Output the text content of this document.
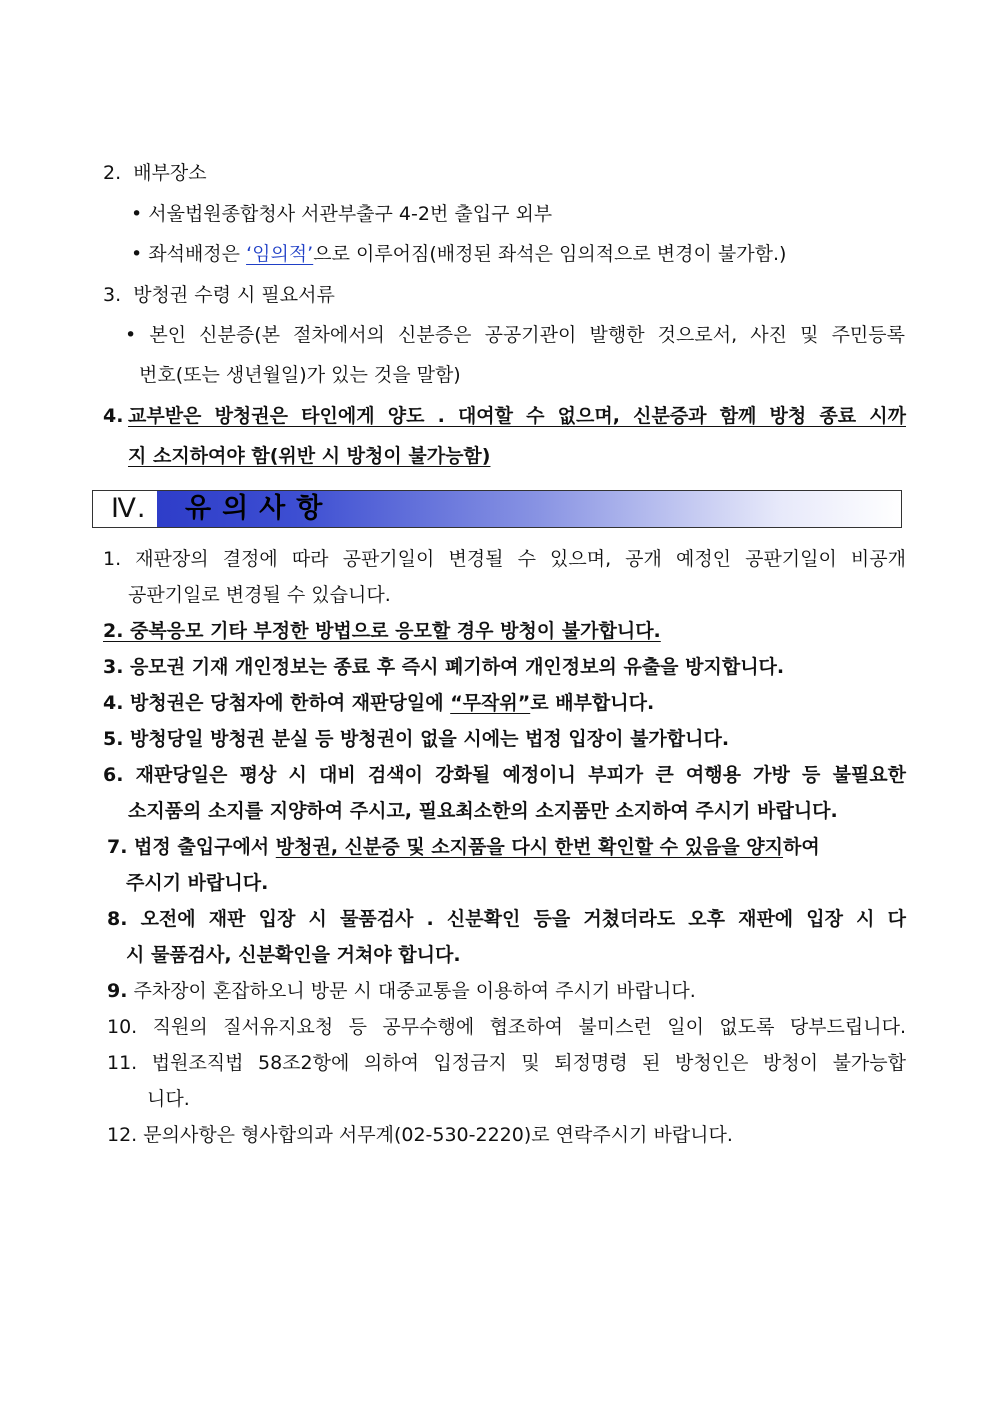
2. 배부장소
• 서울법원종합청사 서관부출구 4-2번 출입구 외부
• 좌석배정은 ‘임의적’으로 이루어짐(배정된 좌석은 임의적으로 변경이 불가함.)
3. 방청권 수령 시 필요서류
• 본인 신분증(본 절차에서의 신분증은 공공기관이 발행한 것으로서, 사진 및 주민등록
번호(또는 생년월일)가 있는 것을 말함)
4. 교부받은 방청권은 타인에게 양도 . 대여할 수 없으며, 신분증과 함께 방청 종료 시까
지 소지하여야 함(위반 시 방청이 불가능함)
Ⅳ.	유의사항
1. 재판장의 결정에 따라 공판기일이 변경될 수 있으며, 공개 예정인 공판기일이 비공개
공판기일로 변경될 수 있습니다.
2. 중복응모 기타 부정한 방법으로 응모할 경우 방청이 불가합니다.
3. 응모권 기재 개인정보는 종료 후 즉시 폐기하여 개인정보의 유출을 방지합니다.
4. 방청권은 당첨자에 한하여 재판당일에 “무작위”로 배부합니다.
5. 방청당일 방청권 분실 등 방청권이 없을 시에는 법정 입장이 불가합니다.
6. 재판당일은 평상 시 대비 검색이 강화될 예정이니 부피가 큰 여행용 가방 등 불필요한
소지품의 소지를 지양하여 주시고, 필요최소한의 소지품만 소지하여 주시기 바랍니다.
7. 법정 출입구에서 방청권, 신분증 및 소지품을 다시 한번 확인할 수 있음을 양지하여
주시기 바랍니다.
8. 오전에 재판 입장 시 물품검사 . 신분확인 등을 거쳤더라도 오후 재판에 입장 시 다
시 물품검사, 신분확인을 거쳐야 합니다.
9. 주차장이 혼잡하오니 방문 시 대중교통을 이용하여 주시기 바랍니다.
10. 직원의 질서유지요청 등 공무수행에 협조하여 불미스런 일이 없도록 당부드립니다.
11. 법원조직법 58조2항에 의하여 입정금지 및 퇴정명령 된 방청인은 방청이 불가능합
니다.
12. 문의사항은 형사합의과 서무계(02-530-2220)로 연락주시기 바랍니다.
